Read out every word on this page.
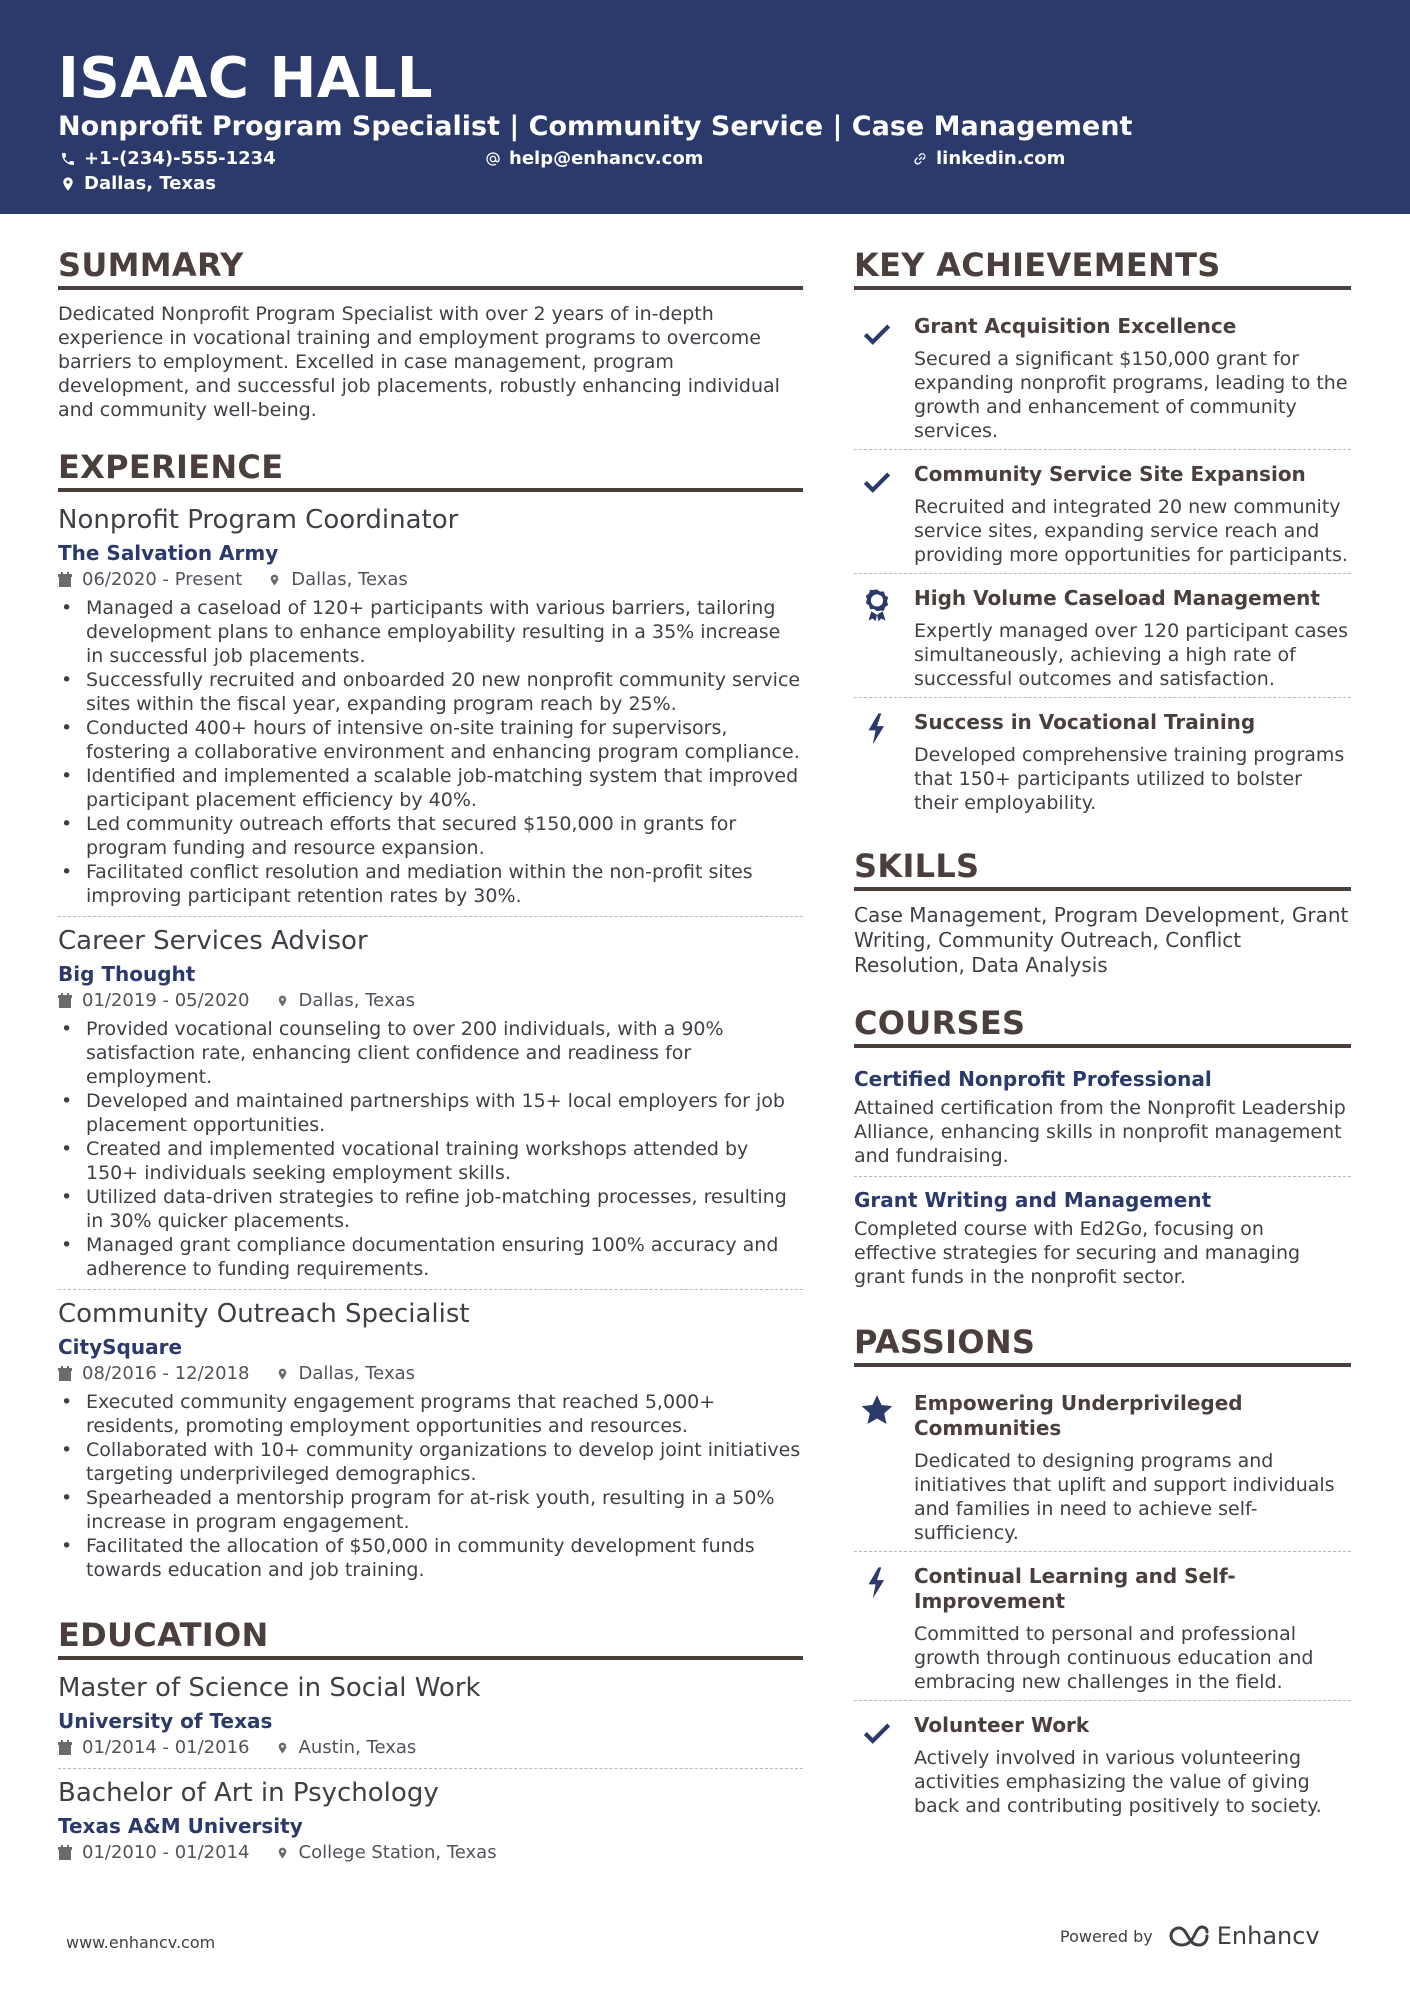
ISAAC HALL
Nonprofit Program Specialist | Community Service | Case Management
+1-(234)-555-1234	help@enhancv.com	linkedin.com
Dallas, Texas
SUMMARY
Dedicated Nonprofit Program Specialist with over 2 years of in-depth experience in vocational training and employment programs to overcome barriers to employment. Excelled in case management, program development, and successful job placements, robustly enhancing individual and community well-being.
EXPERIENCE
Nonprofit Program Coordinator
The Salvation Army
06/2020 - Present	Dallas, Texas
• Managed a caseload of 120+ participants with various barriers, tailoring development plans to enhance employability resulting in a 35% increase in successful job placements.
• Successfully recruited and onboarded 20 new nonprofit community service sites within the fiscal year, expanding program reach by 25%.
• Conducted 400+ hours of intensive on-site training for supervisors, fostering a collaborative environment and enhancing program compliance.
• Identified and implemented a scalable job-matching system that improved participant placement efficiency by 40%.
• Led community outreach efforts that secured $150,000 in grants for program funding and resource expansion.
• Facilitated conflict resolution and mediation within the non-profit sites improving participant retention rates by 30%.
Career Services Advisor
Big Thought
01/2019 - 05/2020	Dallas, Texas
• Provided vocational counseling to over 200 individuals, with a 90% satisfaction rate, enhancing client confidence and readiness for employment.
• Developed and maintained partnerships with 15+ local employers for job placement opportunities.
• Created and implemented vocational training workshops attended by 150+ individuals seeking employment skills.
• Utilized data-driven strategies to refine job-matching processes, resulting in 30% quicker placements.
• Managed grant compliance documentation ensuring 100% accuracy and adherence to funding requirements.
Community Outreach Specialist
CitySquare
08/2016 - 12/2018	Dallas, Texas
• Executed community engagement programs that reached 5,000+ residents, promoting employment opportunities and resources.
• Collaborated with 10+ community organizations to develop joint initiatives targeting underprivileged demographics.
• Spearheaded a mentorship program for at-risk youth, resulting in a 50% increase in program engagement.
• Facilitated the allocation of $50,000 in community development funds towards education and job training.
EDUCATION
Master of Science in Social Work
University of Texas
01/2014 - 01/2016	Austin, Texas
Bachelor of Art in Psychology
Texas A&M University
01/2010 - 01/2014	College Station, Texas
KEY ACHIEVEMENTS
Grant Acquisition Excellence
Secured a significant $150,000 grant for expanding nonprofit programs, leading to the growth and enhancement of community services.
Community Service Site Expansion
Recruited and integrated 20 new community service sites, expanding service reach and providing more opportunities for participants.
High Volume Caseload Management
Expertly managed over 120 participant cases simultaneously, achieving a high rate of successful outcomes and satisfaction.
Success in Vocational Training
Developed comprehensive training programs that 150+ participants utilized to bolster their employability.
SKILLS
Case Management, Program Development, Grant Writing, Community Outreach, Conflict Resolution, Data Analysis
COURSES
Certified Nonprofit Professional
Attained certification from the Nonprofit Leadership Alliance, enhancing skills in nonprofit management and fundraising.
Grant Writing and Management
Completed course with Ed2Go, focusing on effective strategies for securing and managing grant funds in the nonprofit sector.
PASSIONS
Empowering Underprivileged Communities
Dedicated to designing programs and initiatives that uplift and support individuals and families in need to achieve self-sufficiency.
Continual Learning and Self-Improvement
Committed to personal and professional growth through continuous education and embracing new challenges in the field.
Volunteer Work
Actively involved in various volunteering activities emphasizing the value of giving back and contributing positively to society.
www.enhancv.com	Powered by	Enhancv
